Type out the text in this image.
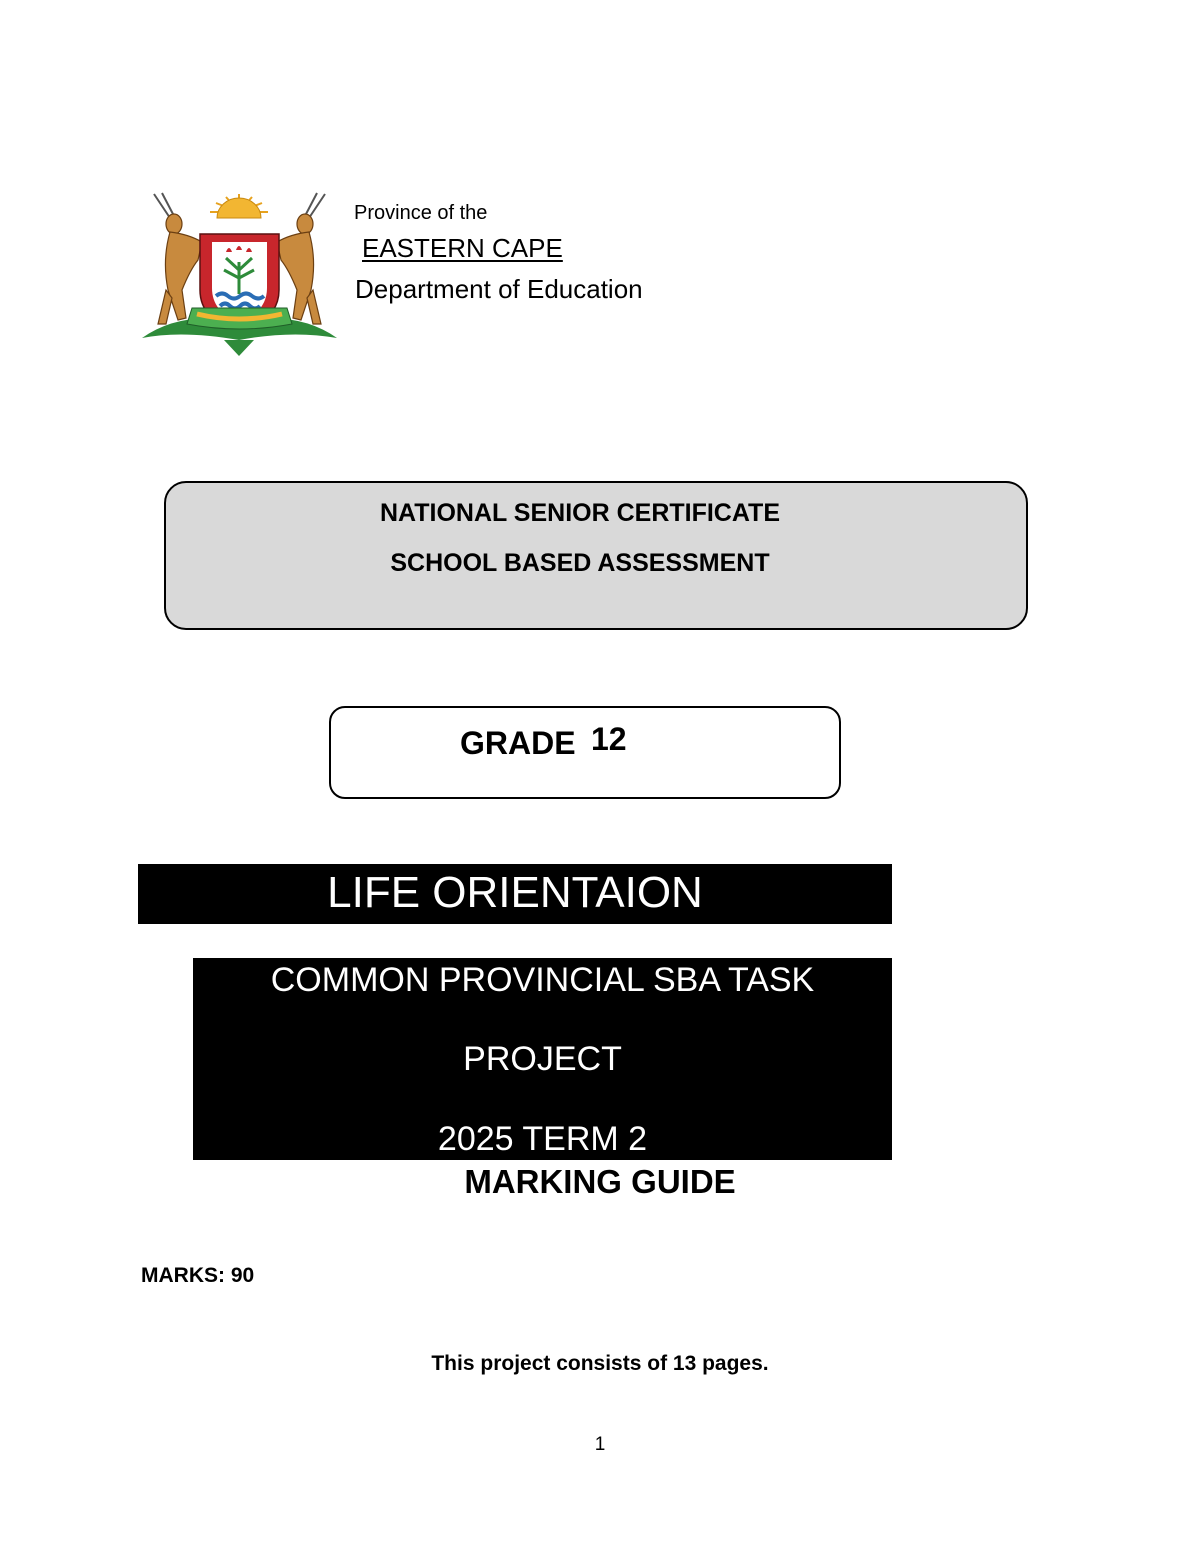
Province of the
EASTERN CAPE
Department of Education
NATIONAL SENIOR CERTIFICATE
SCHOOL BASED ASSESSMENT
GRADE 12
LIFE ORIENTAION
COMMON PROVINCIAL SBA TASK
PROJECT
2025 TERM 2
MARKING GUIDE
MARKS: 90
This project consists of 13 pages.
1
